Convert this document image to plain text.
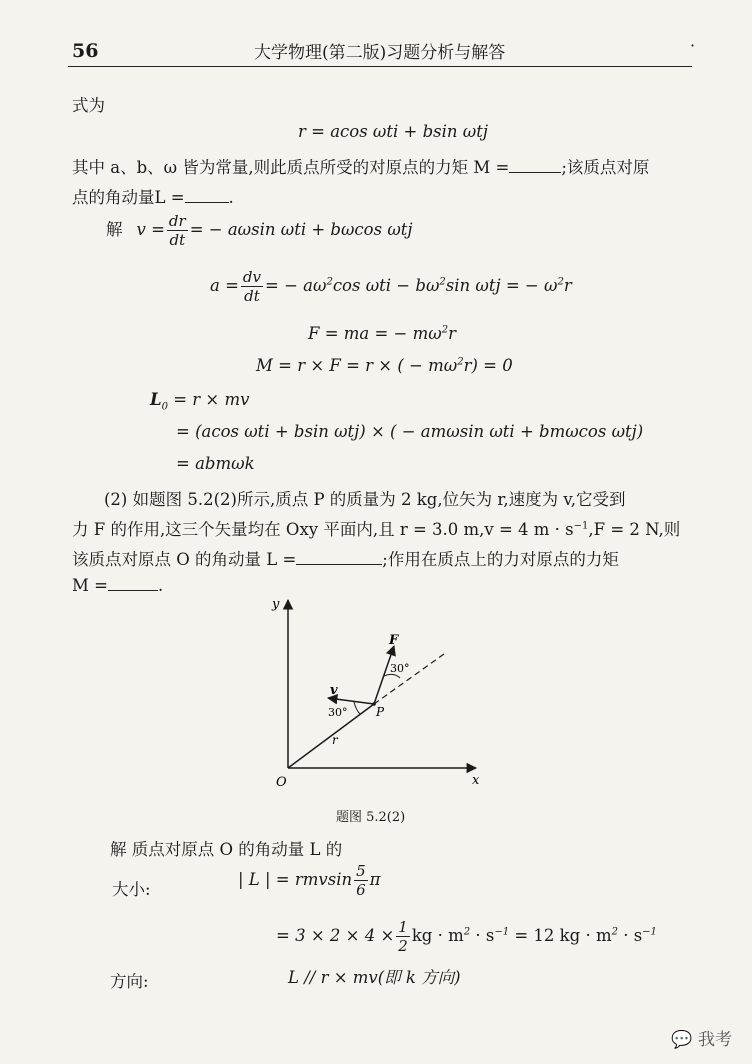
56	大学物理(第二版)习题分析与解答	·
式为
r = acos ωti + bsin ωtj
其中 a、b、ω 皆为常量,则此质点所受的对原点的力矩 M =	;该质点对原
点的角动量L =	.
解 $v = \frac{dr}{dt}$ = − aωsin ωti + bωcos ωtj
$a = \frac{dv}{dt}$ = − $a\omega^2\cos$ $\omega ti - b\omega^2\sin$ ωtj = − $\omega^2r$
F = ma = − $m\omega^2r$
M = r × F = r × ( − $m\omega^2r) = 0$
$L_0 = r$ × mv
= (acos ωti + bsin ωtj) × ( − amωsin ωti + bmωcos ωtj)
= abmωk
(2) 如题图 5.2(2)所示,质点 P 的质量为 2 kg,位矢为 r,速度为 v,它受到
力 F 的作用,这三个矢量均在 Oxy 平面内,且 r = 3.0 m,v = 4 $m \cdot s^{-1},F = 2$ N,则
该质点对原点 O 的角动量 L =	;作用在质点上的力对原点的力矩
M =	.
y
x
O
F
v
P
r
30°
30°
题图 5.2(2)
解 质点对原点 O 的角动量 L 的
大小:
| L | = rmvsin $\frac{5}{6}$ π
= $3 \times 2 \times 4 \times \frac{1}{2}$ kg · $m^2 \cdot s^{-1} = 12$ kg · $m^2 \cdot s^{-1}$
方向:	L // r × mv(即 k 方向)
💬 我考
